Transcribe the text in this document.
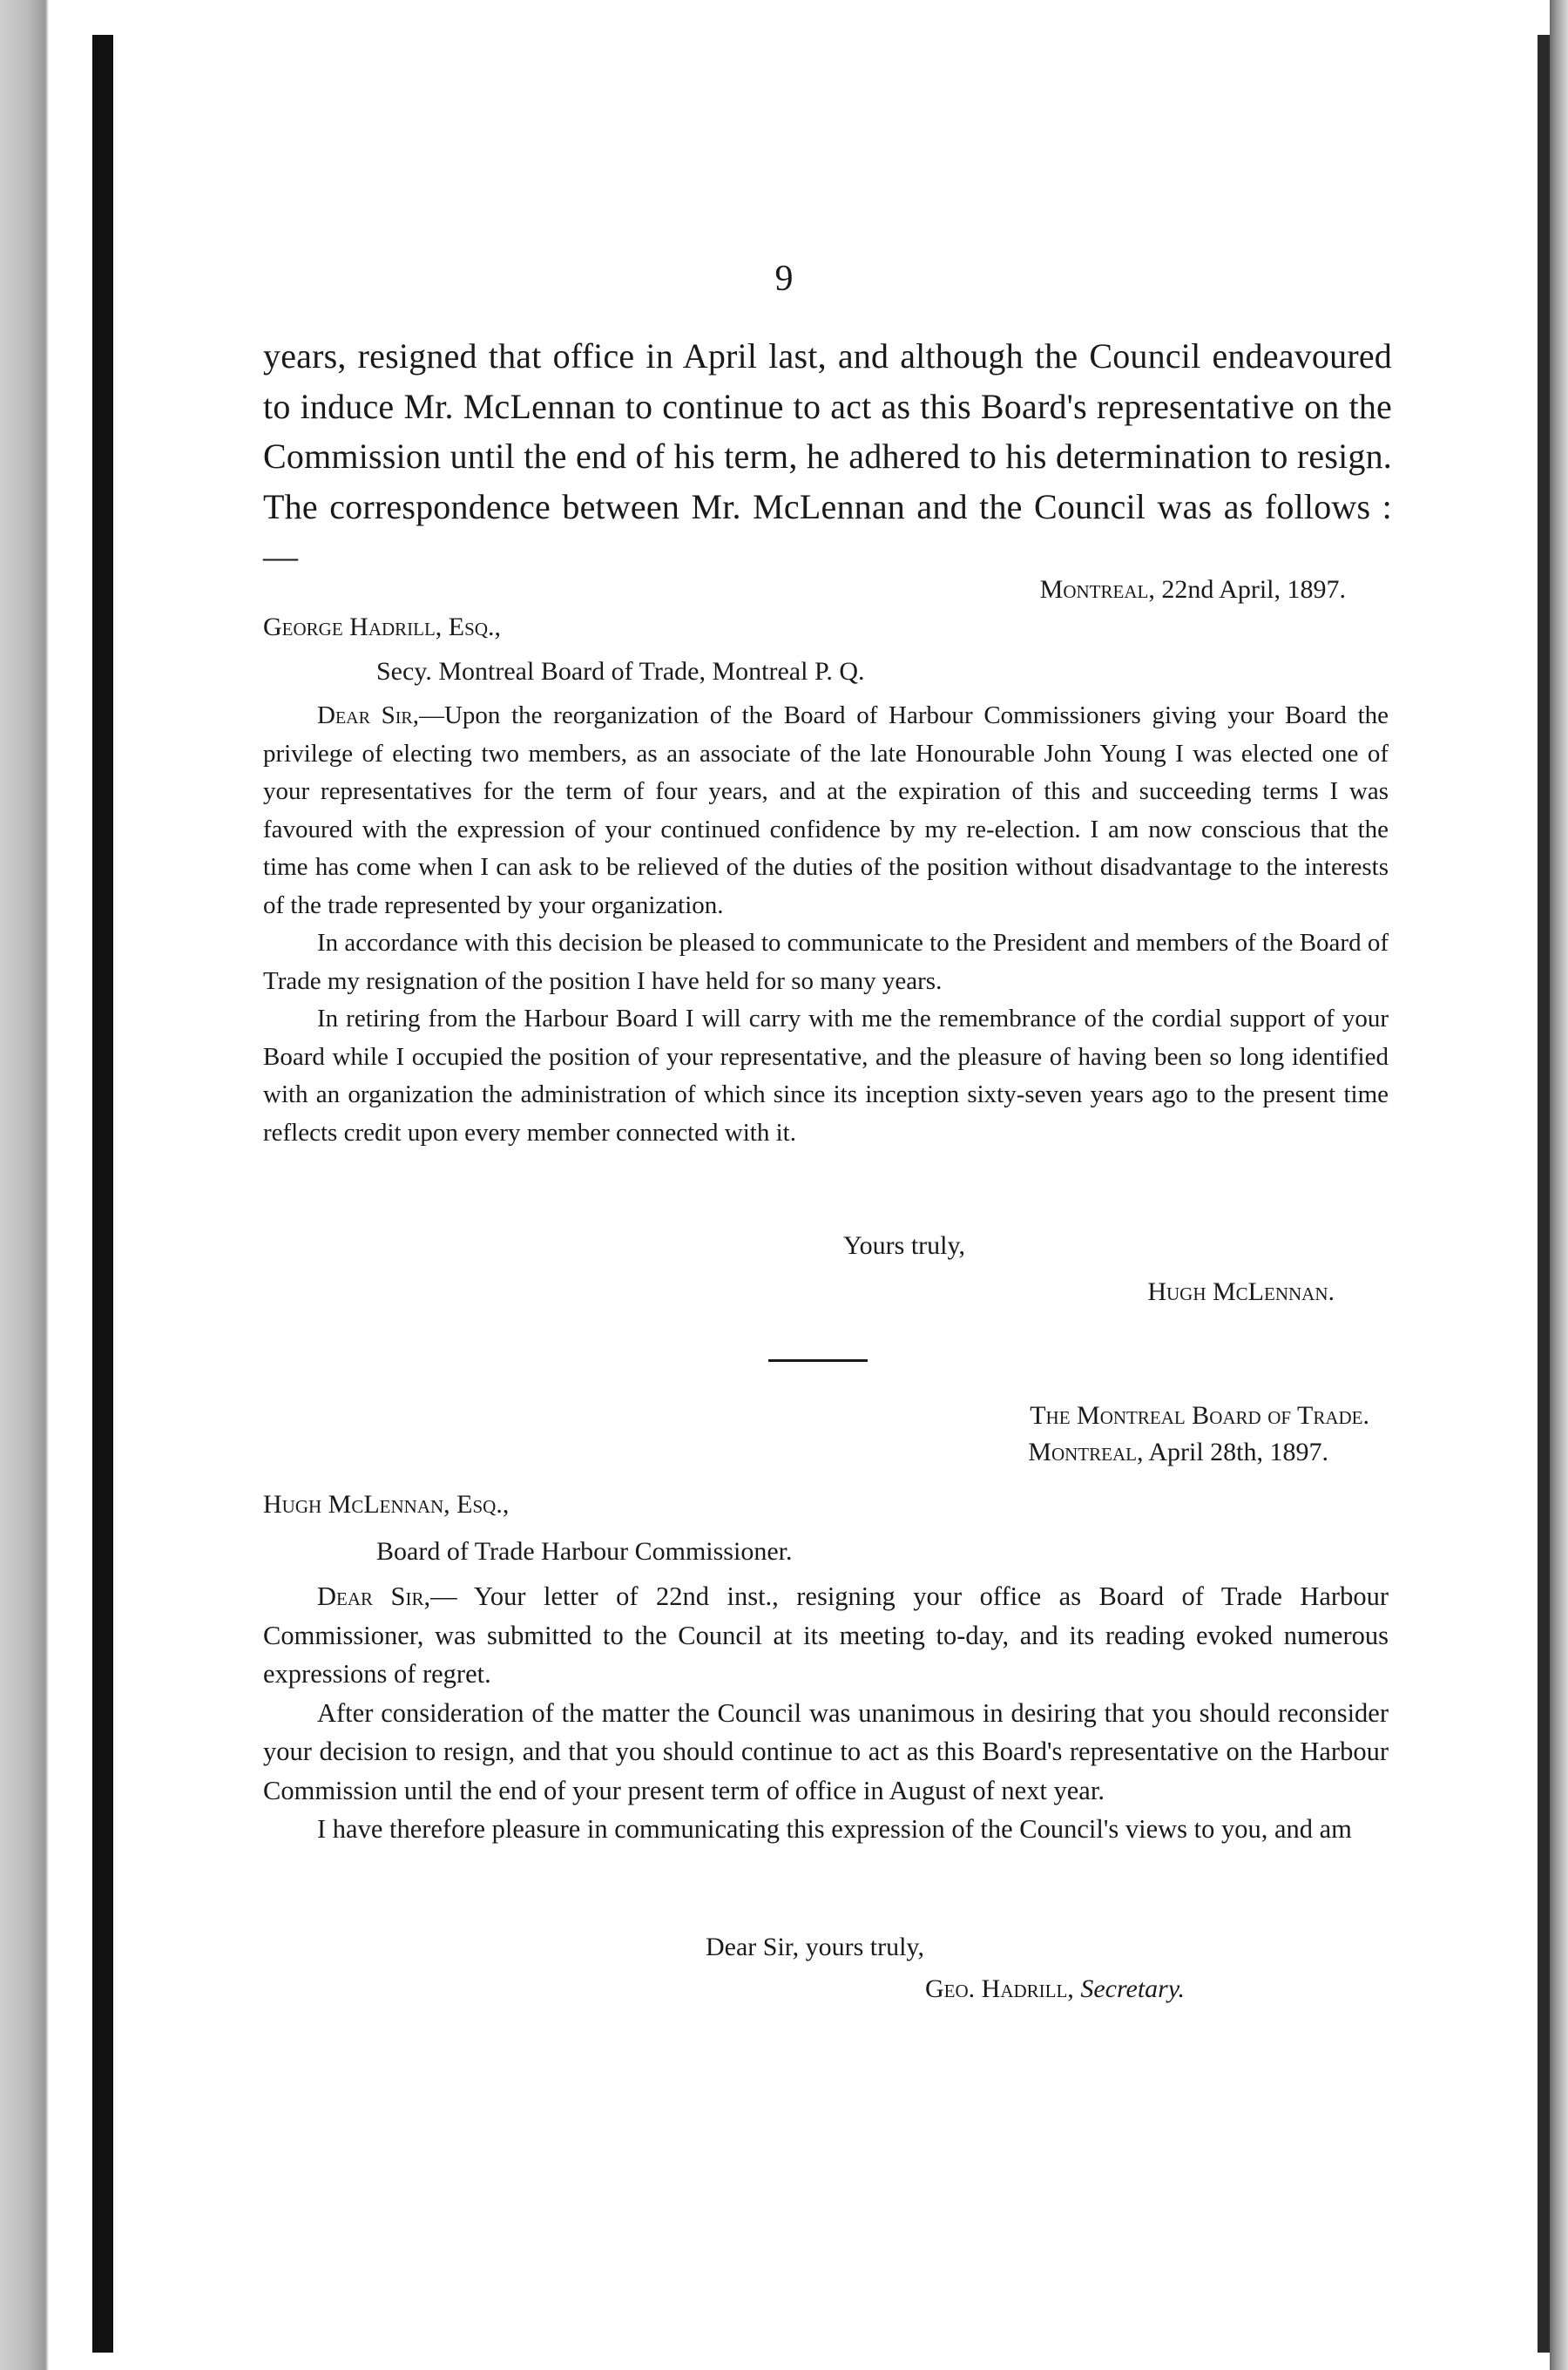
9
years, resigned that office in April last, and although the Council endeavoured to induce Mr. McLennan to continue to act as this Board's representative on the Commission until the end of his term, he adhered to his determination to resign. The correspondence between Mr. McLennan and the Council was as follows :—
Montreal, 22nd April, 1897.
George Hadrill, Esq.,
Secy. Montreal Board of Trade, Montreal P. Q.

Dear Sir,—Upon the reorganization of the Board of Harbour Commissioners giving your Board the privilege of electing two members, as an associate of the late Honourable John Young I was elected one of your representatives for the term of four years, and at the expiration of this and succeeding terms I was favoured with the expression of your continued confidence by my re-election. I am now conscious that the time has come when I can ask to be relieved of the duties of the position without disadvantage to the interests of the trade represented by your organization.

In accordance with this decision be pleased to communicate to the President and members of the Board of Trade my resignation of the position I have held for so many years.

In retiring from the Harbour Board I will carry with me the remembrance of the cordial support of your Board while I occupied the position of your representative, and the pleasure of having been so long identified with an organization the administration of which since its inception sixty-seven years ago to the present time reflects credit upon every member connected with it.

Yours truly,
Hugh McLennan.
The Montreal Board of Trade.
Montreal, April 28th, 1897.
Hugh McLennan, Esq.,
Board of Trade Harbour Commissioner.

Dear Sir,— Your letter of 22nd inst., resigning your office as Board of Trade Harbour Commissioner, was submitted to the Council at its meeting to-day, and its reading evoked numerous expressions of regret.

After consideration of the matter the Council was unanimous in desiring that you should reconsider your decision to resign, and that you should continue to act as this Board's representative on the Harbour Commission until the end of your present term of office in August of next year.

I have therefore pleasure in communicating this expression of the Council's views to you, and am

Dear Sir, yours truly,
Geo. Hadrill, Secretary.
